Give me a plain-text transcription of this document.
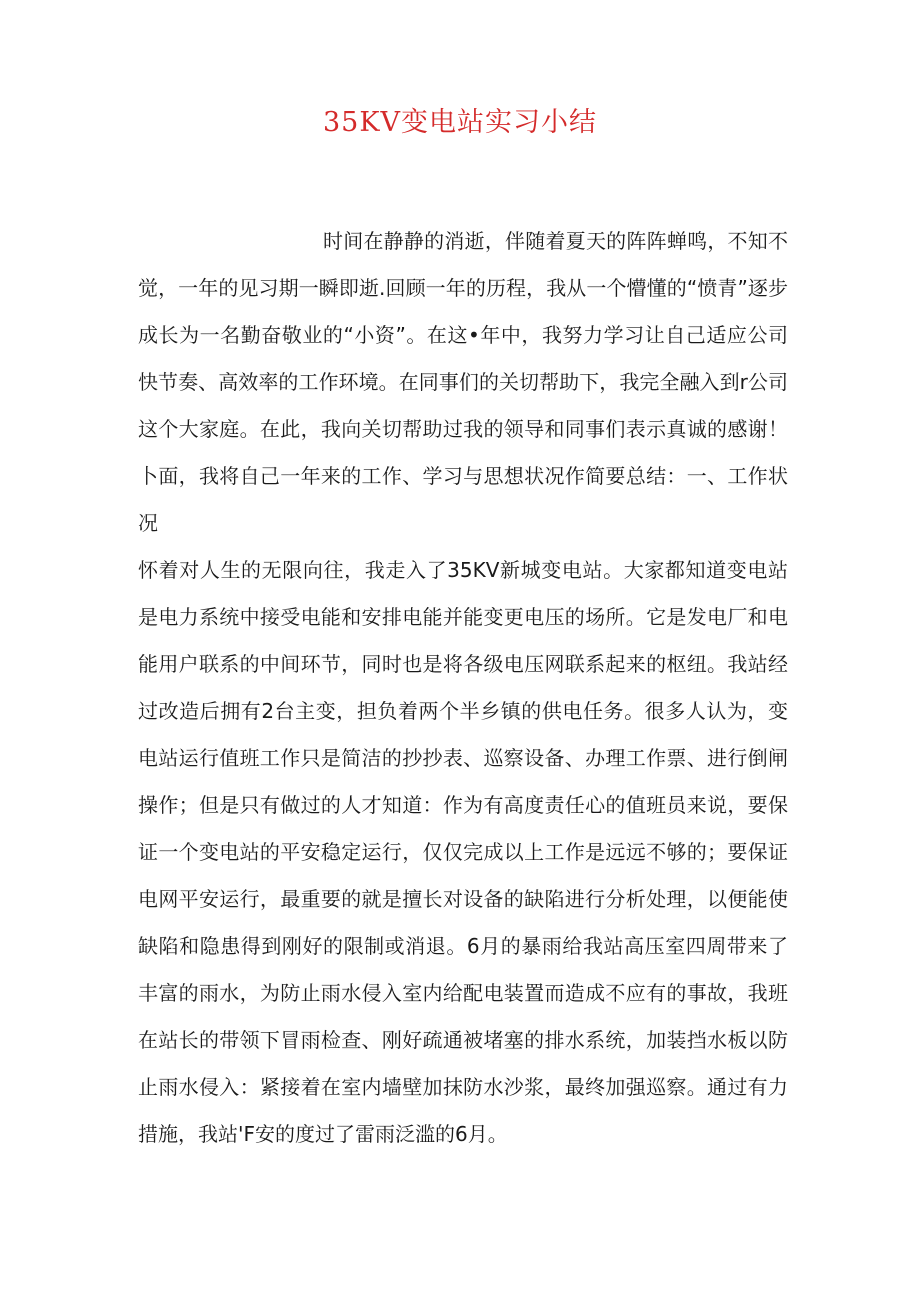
35KV变电站实习小结

时间在静静的消逝，伴随着夏天的阵阵蝉鸣，不知不觉，一年的见习期一瞬即逝.回顾一年的历程，我从一个懵懂的“愤青”逐步成长为一名勤奋敬业的“小资”。在这•年中，我努力学习让自己适应公司快节奏、高效率的工作环境。在同事们的关切帮助下，我完全融入到r公司这个大家庭。在此，我向关切帮助过我的领导和同事们表示真诚的感谢！卜面，我将自己一年来的工作、学习与思想状况作简要总结：一、工作状况

怀着对人生的无限向往，我走入了35KV新城变电站。大家都知道变电站是电力系统中接受电能和安排电能并能变更电压的场所。它是发电厂和电能用户联系的中间环节，同时也是将各级电压网联系起来的枢纽。我站经过改造后拥有2台主变，担负着两个半乡镇的供电任务。很多人认为，变电站运行值班工作只是简洁的抄抄表、巡察设备、办理工作票、进行倒闸操作；但是只有做过的人才知道：作为有高度责任心的值班员来说，要保证一个变电站的平安稳定运行，仅仅完成以上工作是远远不够的；要保证电网平安运行，最重要的就是擅长对设备的缺陷进行分析处理，以便能使缺陷和隐患得到刚好的限制或消退。6月的暴雨给我站高压室四周带来了丰富的雨水，为防止雨水侵入室内给配电装置而造成不应有的事故，我班在站长的带领下冒雨检查、刚好疏通被堵塞的排水系统，加装挡水板以防止雨水侵入：紧接着在室内墙壁加抹防水沙浆，最终加强巡察。通过有力措施，我站'F安的度过了雷雨泛滥的6月。
